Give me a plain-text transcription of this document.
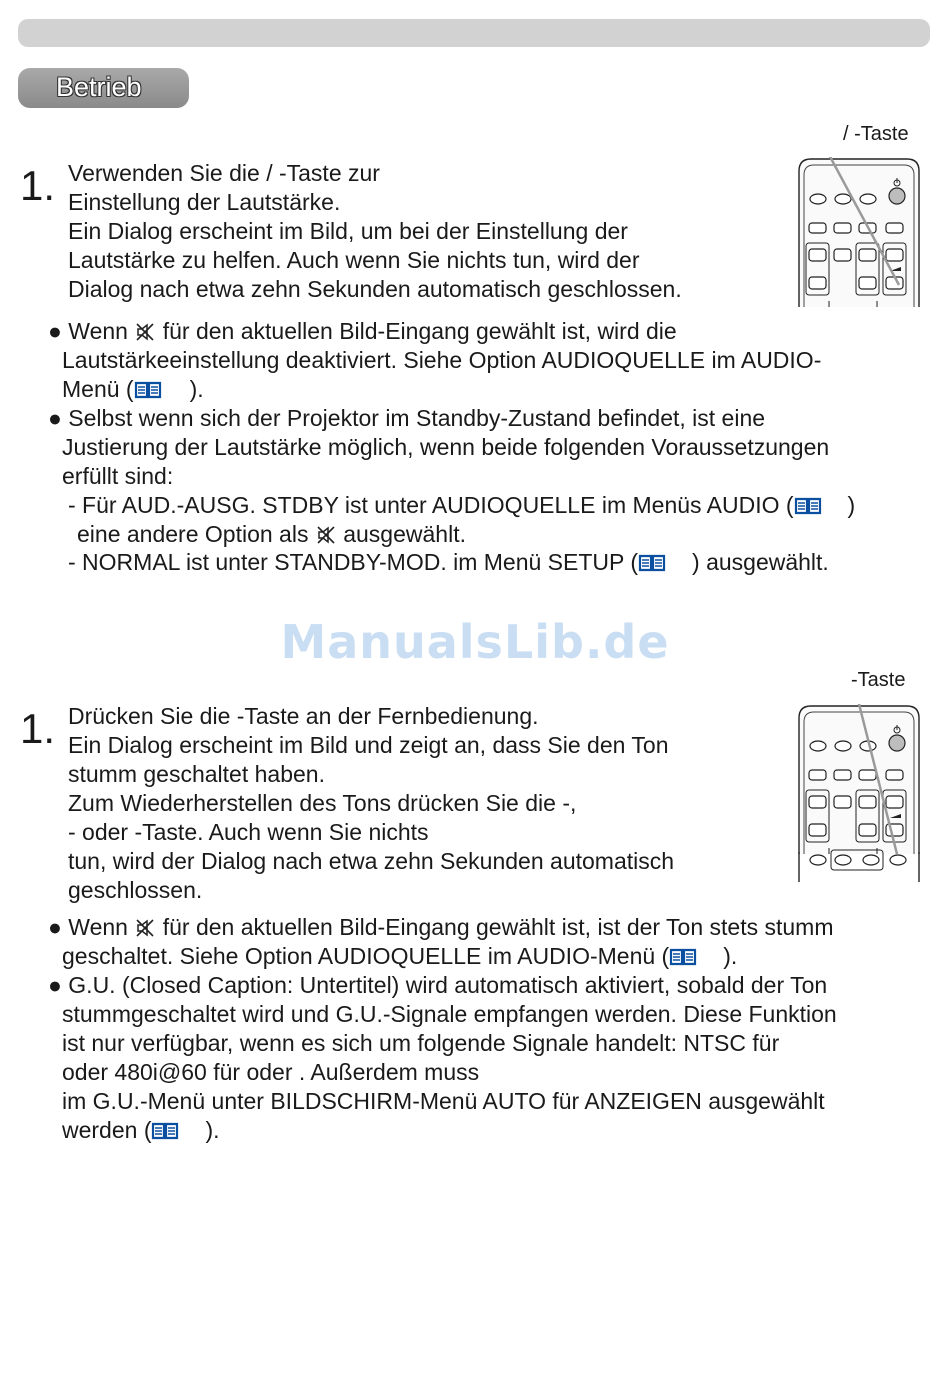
Betrieb
/ -Taste
1. Verwenden Sie die / -Taste zur
Einstellung der Lautstärke.
Ein Dialog erscheint im Bild, um bei der Einstellung der
Lautstärke zu helfen. Auch wenn Sie nichts tun, wird der
Dialog nach etwa zehn Sekunden automatisch geschlossen.
● Wenn für den aktuellen Bild-Eingang gewählt ist, wird die
Lautstärkeeinstellung deaktiviert. Siehe Option AUDIOQUELLE im AUDIO-
Menü ( ).
● Selbst wenn sich der Projektor im Standby-Zustand befindet, ist eine
Justierung der Lautstärke möglich, wenn beide folgenden Voraussetzungen
erfüllt sind:
- Für AUD.-AUSG. STDBY ist unter AUDIOQUELLE im Menüs AUDIO ( )
eine andere Option als ausgewählt.
- NORMAL ist unter STANDBY-MOD. im Menü SETUP ( ) ausgewählt.
ManualsLib.de
-Taste
1. Drücken Sie die -Taste an der Fernbedienung.
Ein Dialog erscheint im Bild und zeigt an, dass Sie den Ton
stumm geschaltet haben.
Zum Wiederherstellen des Tons drücken Sie die -,
- oder -Taste. Auch wenn Sie nichts
tun, wird der Dialog nach etwa zehn Sekunden automatisch
geschlossen.
● Wenn für den aktuellen Bild-Eingang gewählt ist, ist der Ton stets stumm
geschaltet. Siehe Option AUDIOQUELLE im AUDIO-Menü ( ).
● G.U. (Closed Caption: Untertitel) wird automatisch aktiviert, sobald der Ton
stummgeschaltet wird und G.U.-Signale empfangen werden. Diese Funktion
ist nur verfügbar, wenn es sich um folgende Signale handelt: NTSC für
oder 480i@60 für oder . Außerdem muss
im G.U.-Menü unter BILDSCHIRM-Menü AUTO für ANZEIGEN ausgewählt
werden ( ).
